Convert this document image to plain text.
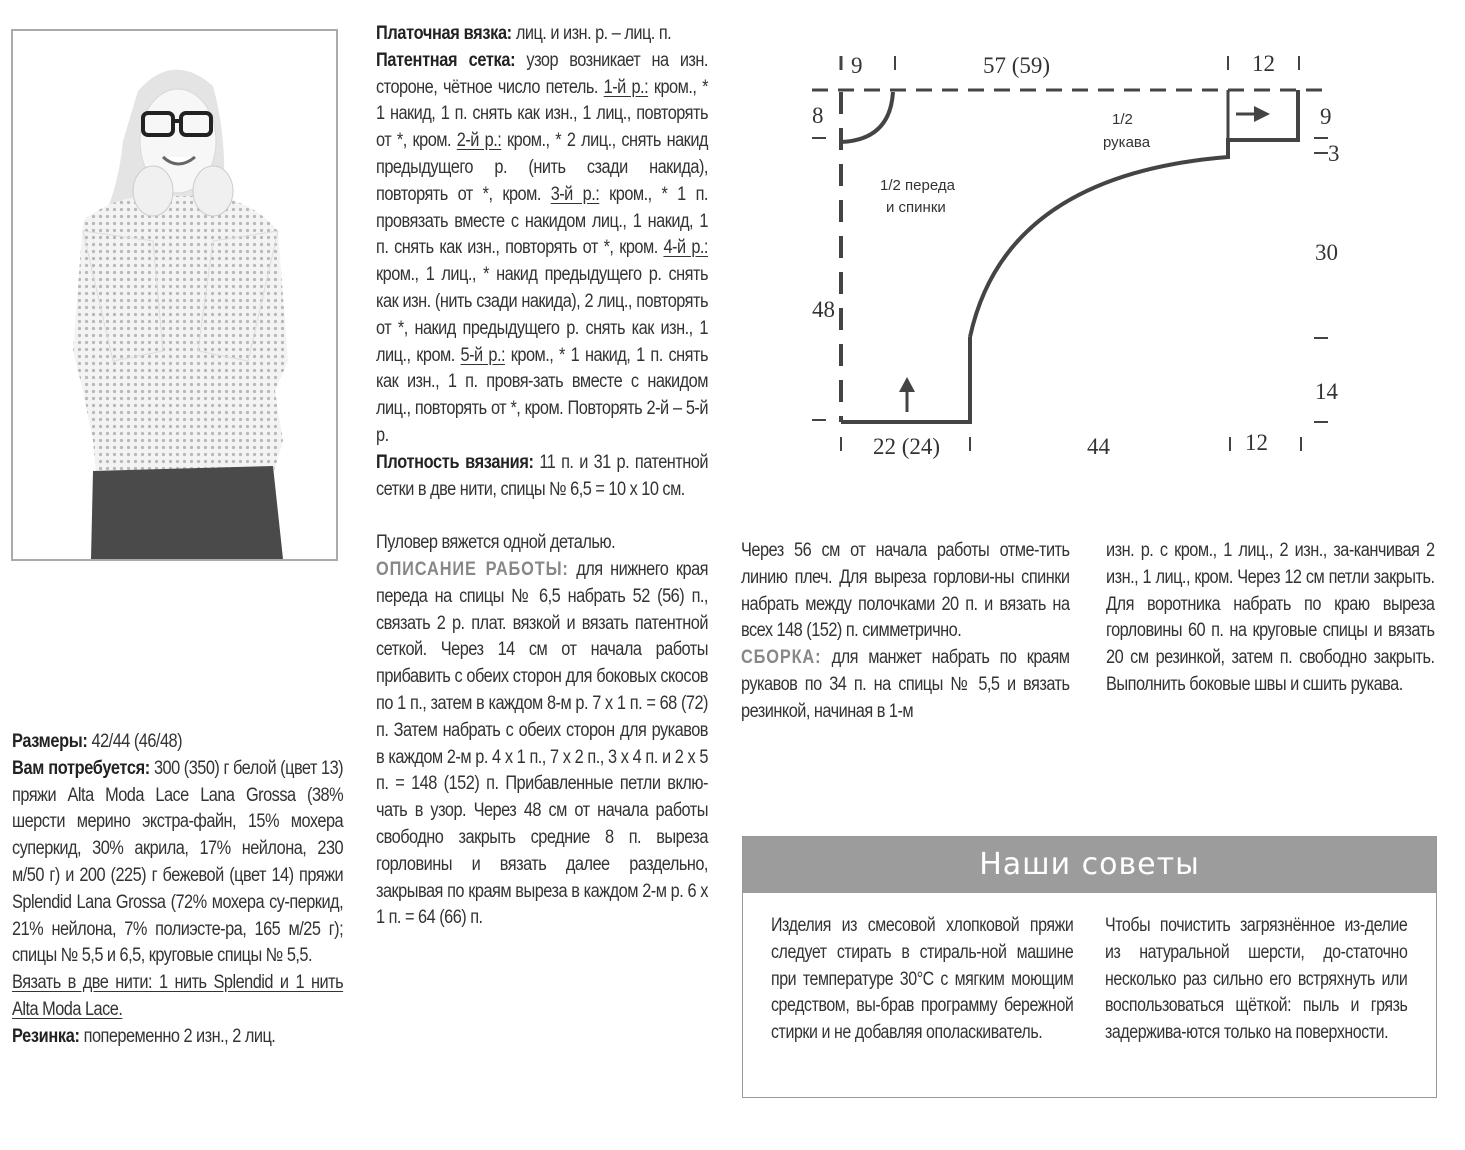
Размеры: 42/44 (46/48)

Вам потребуется: 300 (350) г белой (цвет 13) пряжи Alta Moda Lace Lana Grossa (38% шерсти мерино экстра-файн, 15% мохера суперкид, 30% акрила, 17% нейлона, 230 м/50 г) и 200 (225) г бежевой (цвет 14) пряжи Splendid Lana Grossa (72% мохера су-перкид, 21% нейлона, 7% полиэсте-ра, 165 м/25 г); спицы № 5,5 и 6,5, круговые спицы № 5,5.

Вязать в две нити: 1 нить Splendid и 1 нить Alta Moda Lace.

Резинка: попеременно 2 изн., 2 лиц.

Платочная вязка: лиц. и изн. р. – лиц. п.

Патентная сетка: узор возникает на изн. стороне, чётное число петель. 1-й р.: кром., * 1 накид, 1 п. снять как изн., 1 лиц., повторять от *, кром. 2-й р.: кром., * 2 лиц., снять накид предыдущего р. (нить сзади накида), повторять от *, кром. 3-й р.: кром., * 1 п. провязать вместе с накидом лиц., 1 накид, 1 п. снять как изн., повторять от *, кром. 4-й р.: кром., 1 лиц., * накид предыдущего р. снять как изн. (нить сзади накида), 2 лиц., повторять от *, накид предыдущего р. снять как изн., 1 лиц., кром. 5-й р.: кром., * 1 накид, 1 п. снять как изн., 1 п. провя-зать вместе с накидом лиц., повторять от *, кром. Повторять 2-й – 5-й р.

Плотность вязания: 11 п. и 31 р. патентной сетки в две нити, спицы № 6,5 = 10 x 10 см.

Пуловер вяжется одной деталью.

ОПИСАНИЕ РАБОТЫ: для нижнего края переда на спицы № 6,5 набрать 52 (56) п., связать 2 р. плат. вязкой и вязать патентной сеткой. Через 14 см от начала работы прибавить с обеих сторон для боковых скосов по 1 п., затем в каждом 8-м р. 7 x 1 п. = 68 (72) п. Затем набрать с обеих сторон для рукавов в каждом 2-м р. 4 x 1 п., 7 x 2 п., 3 x 4 п. и 2 x 5 п. = 148 (152) п. Прибавленные петли вклю-чать в узор. Через 48 см от начала работы свободно закрыть средние 8 п. выреза горловины и вязать далее раздельно, закрывая по краям выреза в каждом 2-м р. 6 x 1 п. = 64 (66) п.

9	57 (59)	12
8
48
9
3
30
14
22 (24)	44	12
1/2 переда
и спинки
1/2
рукава

Через 56 см от начала работы отме-тить линию плеч. Для выреза горлови-ны спинки набрать между полочками 20 п. и вязать на всех 148 (152) п. симметрично.

СБОРКА: для манжет набрать по краям рукавов по 34 п. на спицы № 5,5 и вязать резинкой, начиная в 1-м

изн. р. с кром., 1 лиц., 2 изн., за-канчивая 2 изн., 1 лиц., кром. Через 12 см петли закрыть. Для воротника набрать по краю выреза горловины 60 п. на круговые спицы и вязать 20 см резинкой, затем п. свободно закрыть. Выполнить боковые швы и сшить рукава.

Наши советы

Изделия из смесовой хлопковой пряжи следует стирать в стираль-ной машине при температуре 30°C с мягким моющим средством, вы-брав программу бережной стирки и не добавляя ополаскиватель.

Чтобы почистить загрязнённое из-делие из натуральной шерсти, до-статочно несколько раз сильно его встряхнуть или воспользоваться щёткой: пыль и грязь задержива-ются только на поверхности.
